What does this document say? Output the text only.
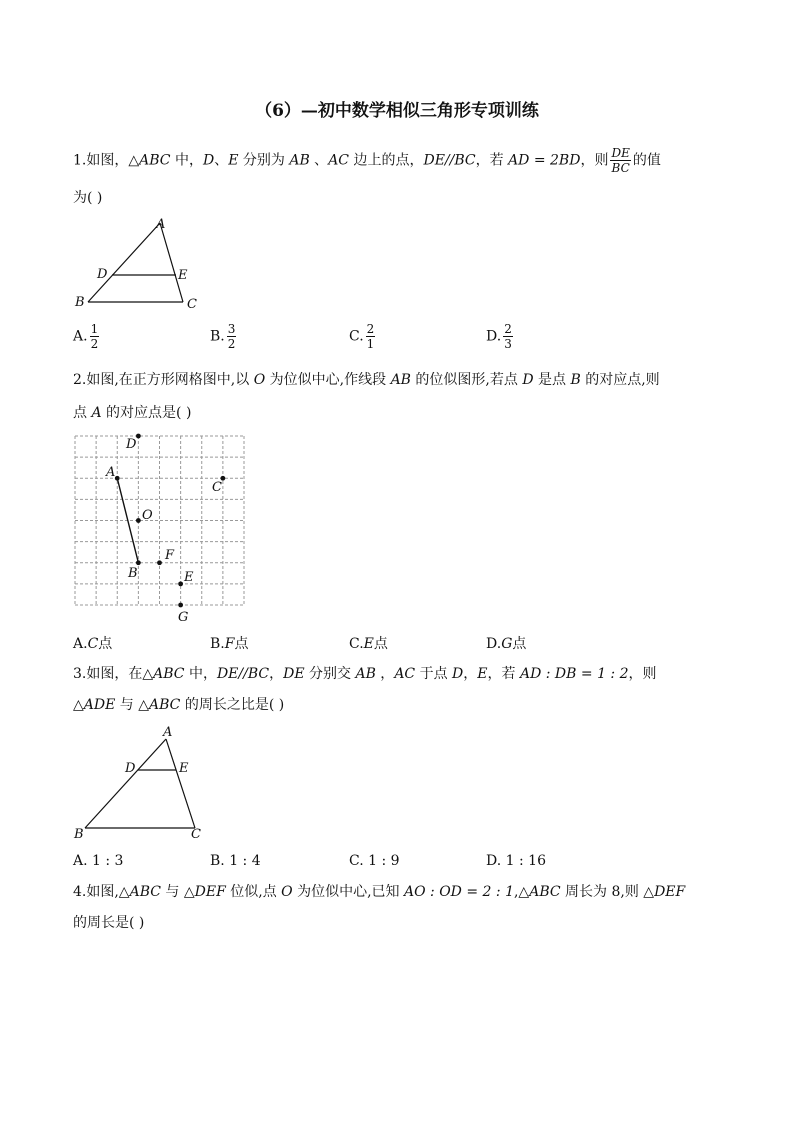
（6）—初中数学相似三角形专项训练
1.如图，△ABC 中，D、E 分别为 AB 、AC 边上的点，DE//BC，若 AD = 2BD，则 $\frac{DE}{BC}$ 的值
为( )
A
B	C
D	E
A. $\frac{1}{2}$	B. $\frac{3}{2}$	C. $\frac{2}{1}$	D. $\frac{2}{3}$
2.如图,在正方形网格图中,以 O 为位似中心,作线段 AB 的位似图形,若点 D 是点 B 的对应点,则
点 A 的对应点是( )
D
A
C
O
B
F
E
G
A.C点	B.F点	C.E点	D.G点
3.如图，在△ABC 中，DE//BC，DE 分别交 AB ，AC 于点 D，E，若 AD : DB = 1 : 2，则
△ADE 与 △ABC 的周长之比是( )
A
B	C
D	E
A. 1 : 3	B. 1 : 4	C. 1 : 9	D. 1 : 16
4.如图,△ABC 与 △DEF 位似,点 O 为位似中心,已知 AO : OD = 2 : 1,△ABC 周长为 8,则 △DEF
的周长是( )
